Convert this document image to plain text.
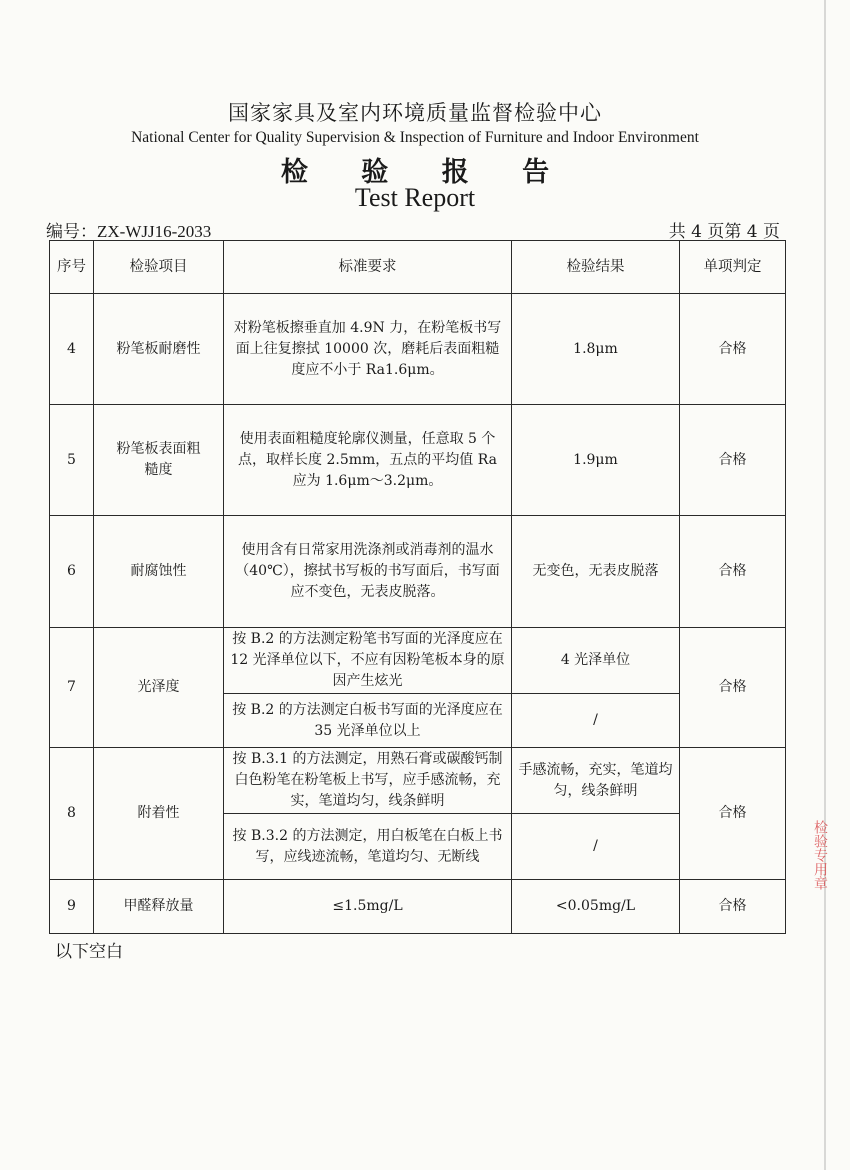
国家家具及室内环境质量监督检验中心
National Center for Quality Supervision & Inspection of Furniture and Indoor Environment
检 验 报 告
Test Report
编号：ZX-WJJ16-2033	共 4 页第 4 页
序号	检验项目	标准要求	检验结果	单项判定
4	粉笔板耐磨性	对粉笔板擦垂直加 4.9N 力，在粉笔板书写面上往复擦拭 10000 次，磨耗后表面粗糙度应不小于 Ra1.6μm。	1.8μm	合格
5	粉笔板表面粗糙度	使用表面粗糙度轮廓仪测量，任意取 5 个点，取样长度 2.5mm，五点的平均值 Ra 应为 1.6μm～3.2μm。	1.9μm	合格
6	耐腐蚀性	使用含有日常家用洗涤剂或消毒剂的温水（40℃），擦拭书写板的书写面后，书写面应不变色，无表皮脱落。	无变色，无表皮脱落	合格
7	光泽度	按 B.2 的方法测定粉笔书写面的光泽度应在 12 光泽单位以下，不应有因粉笔板本身的原因产生炫光	4 光泽单位	合格
		按 B.2 的方法测定白板书写面的光泽度应在 35 光泽单位以上	/	
8	附着性	按 B.3.1 的方法测定，用熟石膏或碳酸钙制白色粉笔在粉笔板上书写，应手感流畅，充实，笔道均匀，线条鲜明	手感流畅，充实，笔道均匀，线条鲜明	合格
		按 B.3.2 的方法测定，用白板笔在白板上书写，应线迹流畅，笔道均匀、无断线	/	
9	甲醛释放量	≤1.5mg/L	<0.05mg/L	合格
以下空白
检验专用章
